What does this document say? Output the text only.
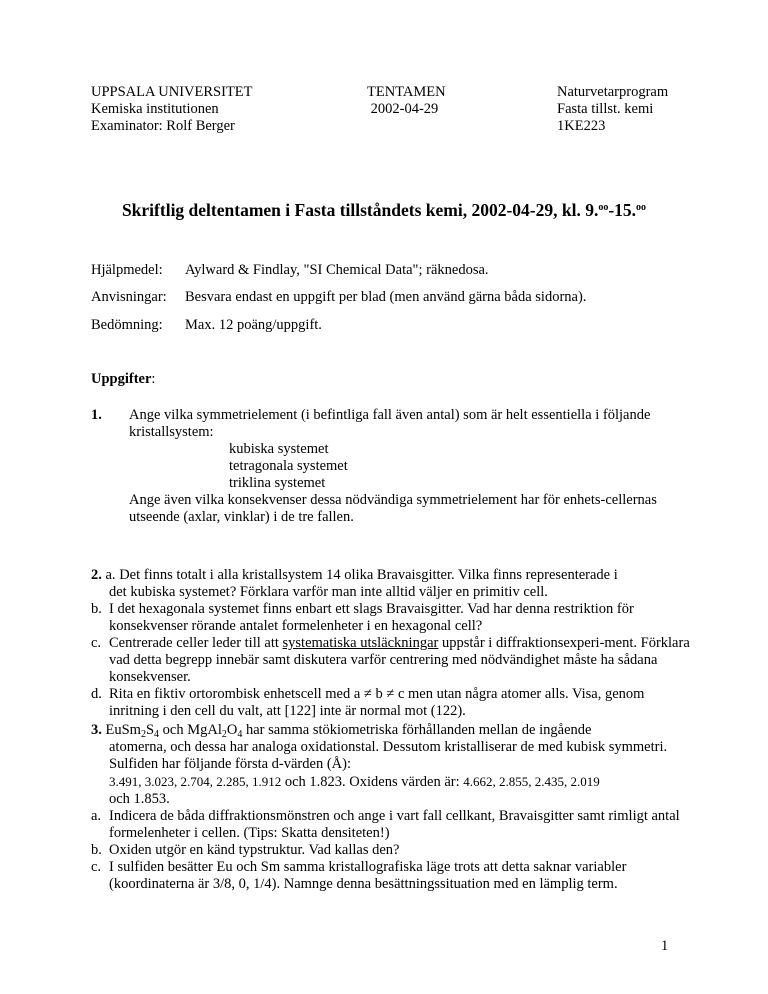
UPPSALA UNIVERSITET
Kemiska institutionen
Examinator: Rolf Berger
TENTAMEN
2002-04-29
Naturvetarprogram
Fasta tillst. kemi
1KE223
Skriftlig deltentamen i Fasta tillståndets kemi, 2002-04-29, kl. 9.$^{oo}$-15.$^{oo}$
Hjälpmedel: Aylward & Findlay, "SI Chemical Data"; räknedosa.
Anvisningar: Besvara endast en uppgift per blad (men använd gärna båda sidorna).
Bedömning: Max. 12 poäng/uppgift.
Uppgifter:

1. Ange vilka symmetrielement (i befintliga fall även antal) som är helt essentiella i följande kristallsystem:

kubiska systemet

tetragonala systemet

triklina systemet

Ange även vilka konsekvenser dessa nödvändiga symmetrielement har för enhets-cellernas utseende (axlar, vinklar) i de tre fallen.

2. a. Det finns totalt i alla kristallsystem 14 olika Bravaisgitter. Vilka finns representerade i

det kubiska systemet? Förklara varför man inte alltid väljer en primitiv cell.

b. I det hexagonala systemet finns enbart ett slags Bravaisgitter. Vad har denna restriktion för konsekvenser rörande antalet formelenheter i en hexagonal cell?
c. Centrerade celler leder till att systematiska utsläckningar uppstår i diffraktionsexperi-ment. Förklara vad detta begrepp innebär samt diskutera varför centrering med nödvändighet måste ha sådana konsekvenser.
d. Rita en fiktiv ortorombisk enhetscell med a ≠ b ≠ c men utan några atomer alls. Visa, genom inritning i den cell du valt, att [122] inte är normal mot (122).

3. $EuSm_2S_4$ och $MgAl_2O_4$ har samma stökiometriska förhållanden mellan de ingående

atomerna, och dessa har analoga oxidationstal. Dessutom kristalliserar de med kubisk symmetri. Sulfiden har följande första d-värden (Å):

3.491, 3.023, 2.704, 2.285, 1.912 och 1.823. Oxidens värden är: 4.662, 2.855, 2.435, 2.019

och 1.853.

a. Indicera de båda diffraktionsmönstren och ange i vart fall cellkant, Bravaisgitter samt rimligt antal formelenheter i cellen. (Tips: Skatta densiteten!)
b. Oxiden utgör en känd typstruktur. Vad kallas den?
c. I sulfiden besätter Eu och Sm samma kristallografiska läge trots att detta saknar variabler (koordinaterna är 3/8, 0, 1/4). Namnge denna besättningssituation med en lämplig term.
1
